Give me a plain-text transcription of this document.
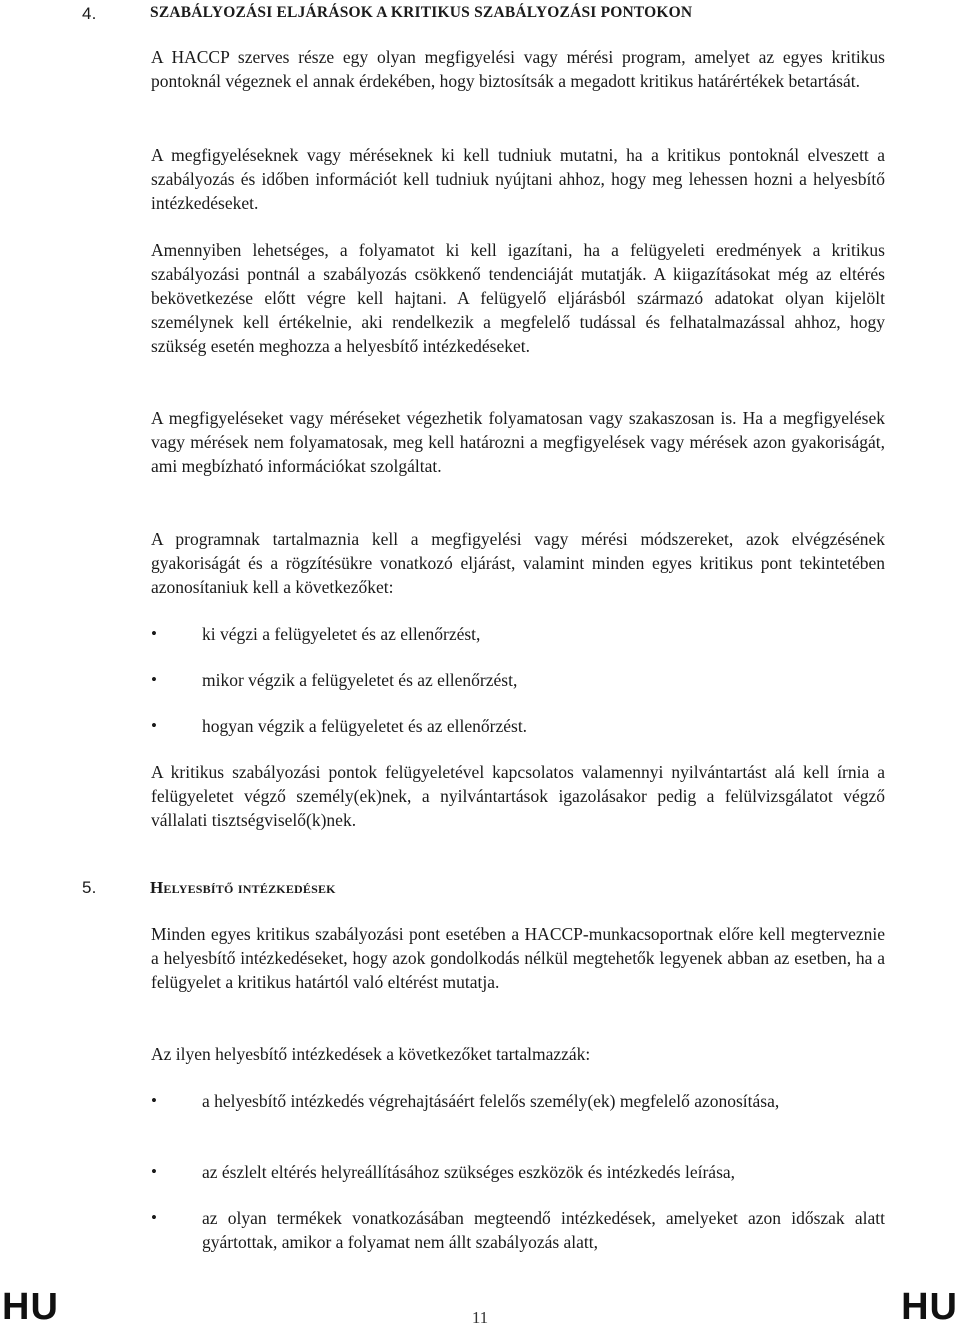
4.	SZABÁLYOZÁSI ELJÁRÁSOK A KRITIKUS SZABÁLYOZÁSI PONTOKON

A HACCP szerves része egy olyan megfigyelési vagy mérési program, amelyet az egyes kritikus pontoknál végeznek el annak érdekében, hogy biztosítsák a megadott kritikus határértékek betartását.

A megfigyeléseknek vagy méréseknek ki kell tudniuk mutatni, ha a kritikus pontoknál elveszett a szabályozás és időben információt kell tudniuk nyújtani ahhoz, hogy meg lehessen hozni a helyesbítő intézkedéseket.

Amennyiben lehetséges, a folyamatot ki kell igazítani, ha a felügyeleti eredmények a kritikus szabályozási pontnál a szabályozás csökkenő tendenciáját mutatják. A kiigazításokat még az eltérés bekövetkezése előtt végre kell hajtani. A felügyelő eljárásból származó adatokat olyan kijelölt személynek kell értékelnie, aki rendelkezik a megfelelő tudással és felhatalmazással ahhoz, hogy szükség esetén meghozza a helyesbítő intézkedéseket.

A megfigyeléseket vagy méréseket végezhetik folyamatosan vagy szakaszosan is. Ha a megfigyelések vagy mérések nem folyamatosak, meg kell határozni a megfigyelések vagy mérések azon gyakoriságát, ami megbízható információkat szolgáltat.

A programnak tartalmaznia kell a megfigyelési vagy mérési módszereket, azok elvégzésének gyakoriságát és a rögzítésükre vonatkozó eljárást, valamint minden egyes kritikus pont tekintetében azonosítaniuk kell a következőket:

•	ki végzi a felügyeletet és az ellenőrzést,
•	mikor végzik a felügyeletet és az ellenőrzést,
•	hogyan végzik a felügyeletet és az ellenőrzést.

A kritikus szabályozási pontok felügyeletével kapcsolatos valamennyi nyilvántartást alá kell írnia a felügyeletet végző személy(ek)nek, a nyilvántartások igazolásakor pedig a felülvizsgálatot végző vállalati tisztségviselő(k)nek.

5.	Helyesbítő intézkedések

Minden egyes kritikus szabályozási pont esetében a HACCP-munkacsoportnak előre kell megterveznie a helyesbítő intézkedéseket, hogy azok gondolkodás nélkül megtehetők legyenek abban az esetben, ha a felügyelet a kritikus határtól való eltérést mutatja.

Az ilyen helyesbítő intézkedések a következőket tartalmazzák:

•	a helyesbítő intézkedés végrehajtásáért felelős személy(ek) megfelelő azonosítása,
•	az észlelt eltérés helyreállításához szükséges eszközök és intézkedés leírása,
•	az olyan termékek vonatkozásában megteendő intézkedések, amelyeket azon időszak alatt gyártottak, amikor a folyamat nem állt szabályozás alatt,
HU	11	HU
